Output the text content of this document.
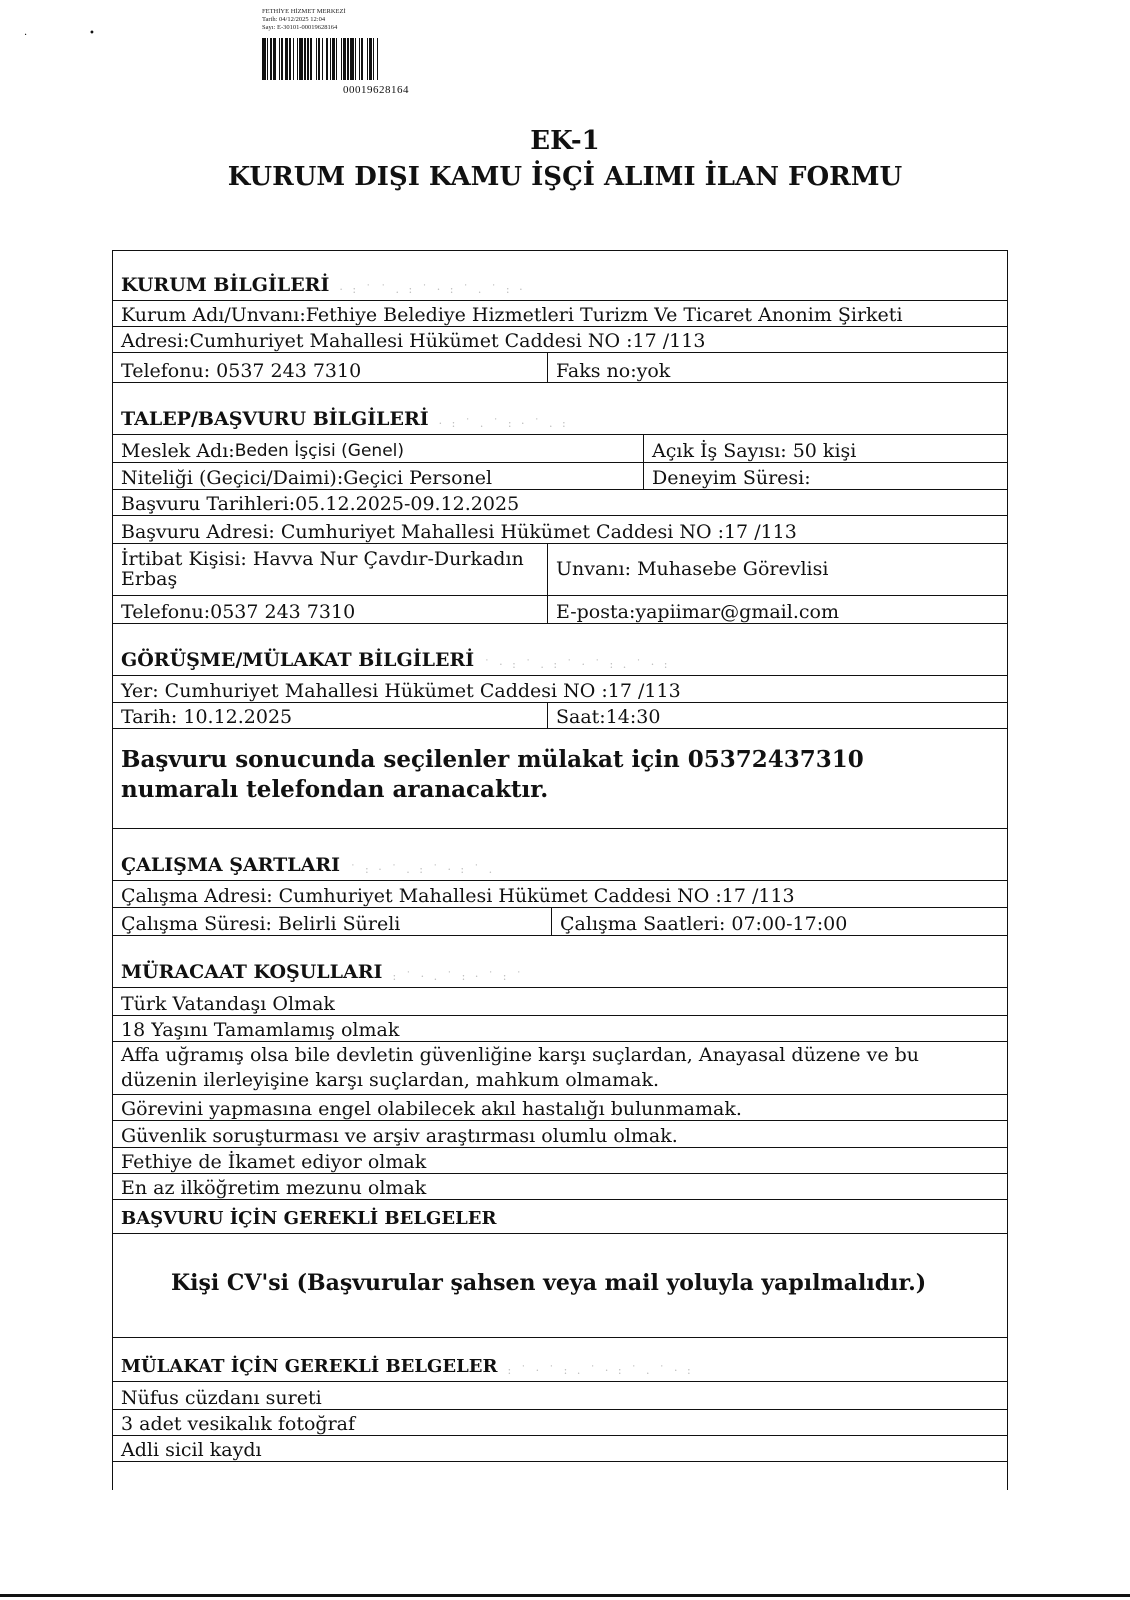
FETHİYE HİZMET MERKEZİ
Tarih: 04/12/2025 12:04
Sayı: E-30101-00019628164
00019628164
·	•
EK-1
KURUM DIŞI KAMU İŞÇİ ALIMI İLAN FORMU
KURUM BİLGİLERİ · : ˙ ˙ . : ˙ · : ˙ . ˙ : ·
Kurum Adı/Unvanı:Fethiye Belediye Hizmetleri Turizm Ve Ticaret Anonim Şirketi
Adresi:Cumhuriyet Mahallesi Hükümet Caddesi NO :17 /113
Telefonu: 0537 243 7310	Faks no:yok
TALEP/BAŞVURU BİLGİLERİ · : ˙ . ˙ : · ˙ . :
Meslek Adı: Beden İşçisi (Genel)	Açık İş Sayısı: 50 kişi
Niteliği (Geçici/Daimi):Geçici Personel	Deneyim Süresi:
Başvuru Tarihleri:05.12.2025-09.12.2025
Başvuru Adresi: Cumhuriyet Mahallesi Hükümet Caddesi NO :17 /113
İrtibat Kişisi: Havva Nur Çavdır-Durkadın Erbaş	Unvanı: Muhasebe Görevlisi
Telefonu:0537 243 7310	E-posta:yapiimar@gmail.com
GÖRÜŞME/MÜLAKAT BİLGİLERİ ˙ · : ˙ . : ˙ · ˙ : . ˙ · :
Yer: Cumhuriyet Mahallesi Hükümet Caddesi NO :17 /113
Tarih: 10.12.2025	Saat:14:30
Başvuru sonucunda seçilenler mülakat için 05372437310 numaralı telefondan aranacaktır.
ÇALIŞMA ŞARTLARI ˙ : · ˙ . : ˙ · : ˙ .
Çalışma Adresi: Cumhuriyet Mahallesi Hükümet Caddesi NO :17 /113
Çalışma Süresi: Belirli Süreli	Çalışma Saatleri: 07:00-17:00
MÜRACAAT KOŞULLARI : ˙ · . ˙ : · ˙ : ˙
Türk Vatandaşı Olmak
18 Yaşını Tamamlamış olmak
Affa uğramış olsa bile devletin güvenliğine karşı suçlardan, Anayasal düzene ve bu düzenin ilerleyişine karşı suçlardan, mahkum olmamak.
Görevini yapmasına engel olabilecek akıl hastalığı bulunmamak.
Güvenlik soruşturması ve arşiv araştırması olumlu olmak.
Fethiye de İkamet ediyor olmak
En az ilköğretim mezunu olmak
BAŞVURU İÇİN GEREKLİ BELGELER
Kişi CV'si (Başvurular şahsen veya mail yoluyla yapılmalıdır.)
MÜLAKAT İÇİN GEREKLİ BELGELER : ˙ · ˙ : . ˙ · : ˙ . ˙ · :
Nüfus cüzdanı sureti
3 adet vesikalık fotoğraf
Adli sicil kaydı
